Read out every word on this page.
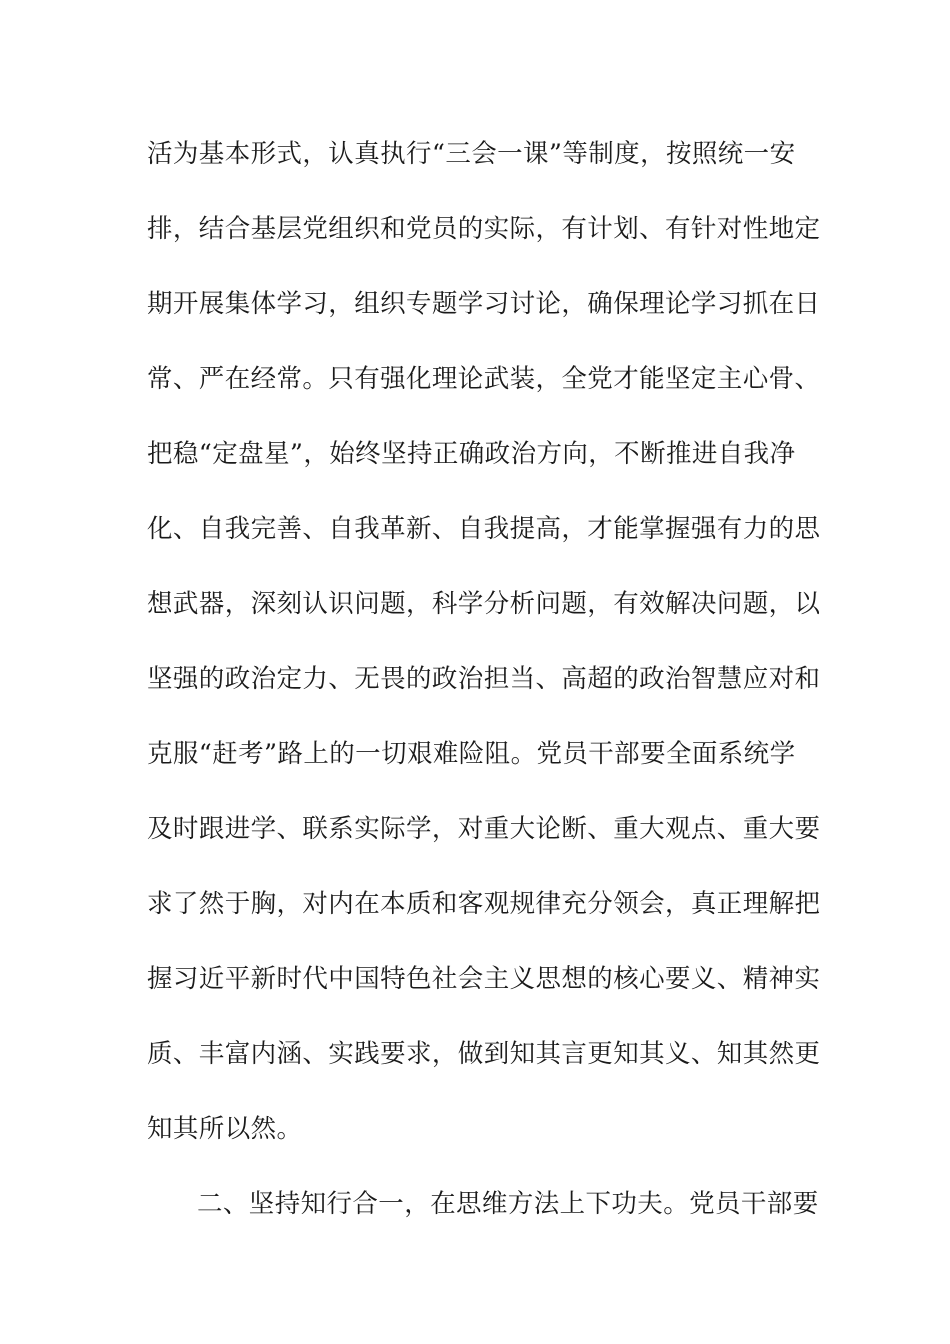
活为基本形式，认真执行“三会一课”等制度，按照统一安
排，结合基层党组织和党员的实际，有计划、有针对性地定
期开展集体学习，组织专题学习讨论，确保理论学习抓在日
常、严在经常。只有强化理论武装，全党才能坚定主心骨、
把稳“定盘星”，始终坚持正确政治方向，不断推进自我净
化、自我完善、自我革新、自我提高，才能掌握强有力的思
想武器，深刻认识问题，科学分析问题，有效解决问题，以
坚强的政治定力、无畏的政治担当、高超的政治智慧应对和
克服“赶考”路上的一切艰难险阻。党员干部要全面系统学
及时跟进学、联系实际学，对重大论断、重大观点、重大要
求了然于胸，对内在本质和客观规律充分领会，真正理解把
握习近平新时代中国特色社会主义思想的核心要义、精神实
质、丰富内涵、实践要求，做到知其言更知其义、知其然更
知其所以然。
二、坚持知行合一，在思维方法上下功夫。党员干部要
